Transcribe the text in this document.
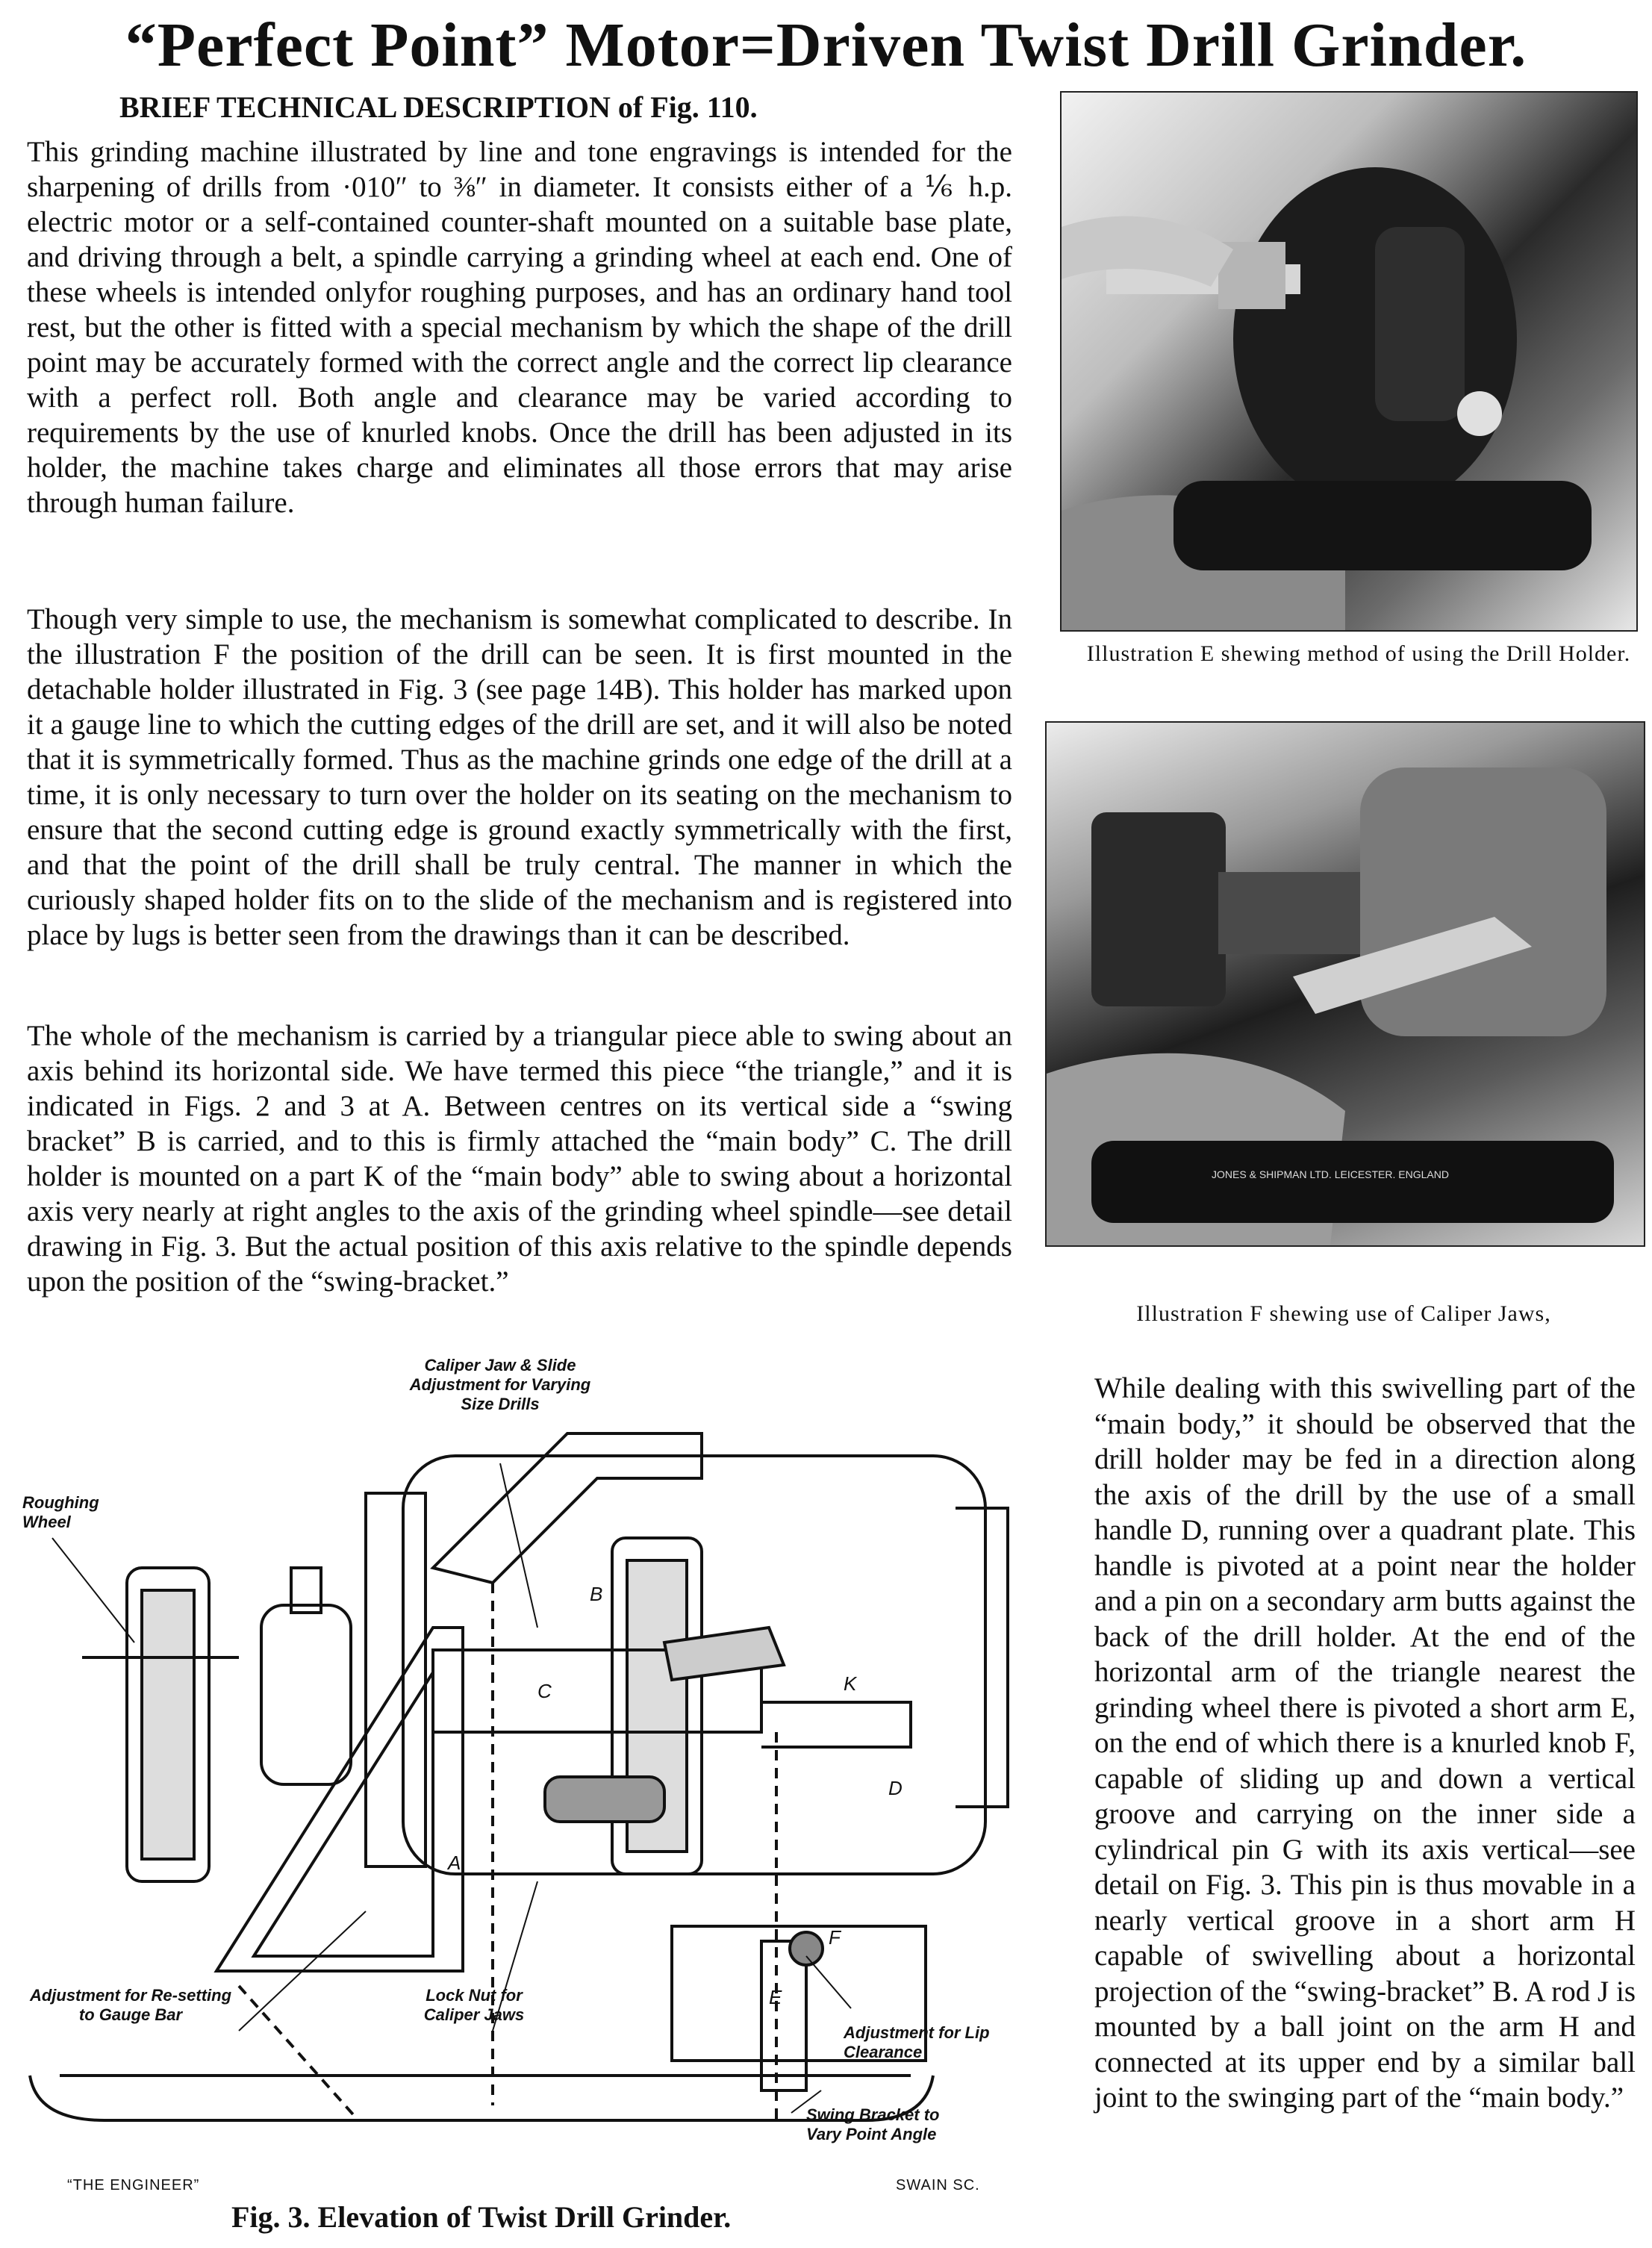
“Perfect Point” Motor=Driven Twist Drill Grinder.
BRIEF TECHNICAL DESCRIPTION of Fig. 110.

This grinding machine illustrated by line and tone engravings is intended for the sharpening of drills from ·010″ to ⅜″ in diameter. It consists either of a ⅙ h.p. electric motor or a self-contained counter-shaft mounted on a suitable base plate, and driving through a belt, a spindle carrying a grinding wheel at each end. One of these wheels is intended onlyfor roughing purposes, and has an ordinary hand tool rest, but the other is fitted with a special mechanism by which the shape of the drill point may be accurately formed with the correct angle and the correct lip clearance with a perfect roll. Both angle and clearance may be varied according to requirements by the use of knurled knobs. Once the drill has been adjusted in its holder, the machine takes charge and eliminates all those errors that may arise through human failure.

Though very simple to use, the mechanism is somewhat complicated to describe. In the illustration F the position of the drill can be seen. It is first mounted in the detachable holder illustrated in Fig. 3 (see page 14B). This holder has marked upon it a gauge line to which the cutting edges of the drill are set, and it will also be noted that it is symmetrically formed. Thus as the machine grinds one edge of the drill at a time, it is only necessary to turn over the holder on its seating on the mechanism to ensure that the second cutting edge is ground exactly symmetrically with the first, and that the point of the drill shall be truly central. The manner in which the curiously shaped holder fits on to the slide of the mechanism and is registered into place by lugs is better seen from the drawings than it can be described.

The whole of the mechanism is carried by a triangular piece able to swing about an axis behind its horizontal side. We have termed this piece “the triangle,” and it is indicated in Figs. 2 and 3 at A. Between centres on its vertical side a “swing bracket” B is carried, and to this is firmly attached the “main body” C. The drill holder is mounted on a part K of the “main body” able to swing about a horizontal axis very nearly at right angles to the axis of the grinding wheel spindle—see detail drawing in Fig. 3. But the actual position of this axis relative to the spindle depends upon the position of the “swing-bracket.”

Illustration E shewing method of using the Drill Holder.
JONES & SHIPMAN LTD. LEICESTER. ENGLAND
Illustration F shewing use of Caliper Jaws,

While dealing with this swivelling part of the “main body,” it should be observed that the drill holder may be fed in a direction along the axis of the drill by the use of a small handle D, running over a quadrant plate. This handle is pivoted at a point near the holder and a pin on a secondary arm butts against the back of the drill holder. At the end of the horizontal arm of the triangle nearest the grinding wheel there is pivoted a short arm E, on the end of which there is a knurled knob F, capable of sliding up and down a vertical groove and carrying on the inner side a cylindrical pin G with its axis vertical—see detail on Fig. 3. This pin is thus movable in a nearly vertical groove in a short arm H capable of swivelling about a horizontal projection of the “swing-bracket” B. A rod J is mounted by a ball joint on the arm H and connected at its upper end by a similar ball joint to the swinging part of the “main body.”

Caliper Jaw & Slide Adjustment for Varying Size Drills
Roughing Wheel
Adjustment for Re-setting to Gauge Bar
Lock Nut for Caliper Jaws
Adjustment for Lip Clearance
Swing Bracket to Vary Point Angle
A
B
C
D
E
F
K
“THE ENGINEER”	SWAIN SC.
Fig. 3. Elevation of Twist Drill Grinder.
